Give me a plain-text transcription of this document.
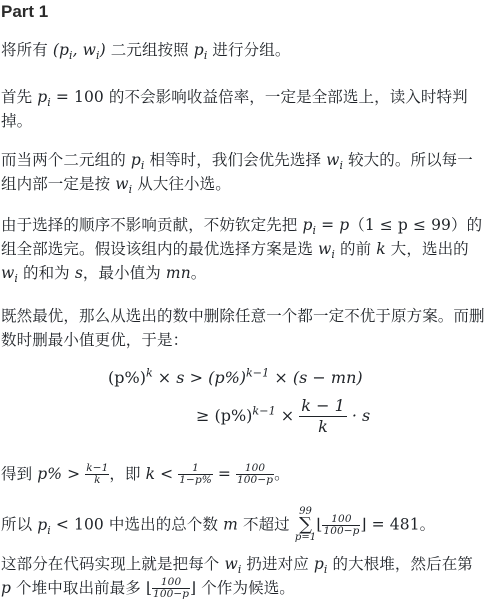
Part 1
将所有 ($p_i$, $w_i$) 二元组按照 $p_i$ 进行分组。
首先 $p_i = 100$ 的不会影响收益倍率，一定是全部选上，读入时特判掉。
而当两个二元组的 $p_i$ 相等时，我们会优先选择 $w_i$ 较大的。所以每一组内部一定是按 $w_i$ 从大往小选。
由于选择的顺序不影响贡献，不妨钦定先把 $p_i = p(1 \le p \le 99)$的组全部选完。假设该组内的最优选择方案是选 $w_i$ 的前 k 大，选出的 $w_i$ 的和为 s，最小值为 mn。
既然最优，那么从选出的数中删除任意一个都一定不优于原方案。而删数时删最小值更优，于是：
$(p\%)^k \times s > (p\%)^{k-1} \times (s - mn)$
≥ $(p\%)^{k-1} \times \frac{k - 1}{k} \cdot s$
得到 $p\% > \frac{k-1}{k}$ ，即 $k < \frac{1}{1-p\%} = \frac{100}{100-p}$ 。
所以 $p_i < 100$ 中选出的总个数 m 不超过
99
∑
p=1
⌊ $\frac{100}{100-p}$ ⌋ = 481。
这部分在代码实现上就是把每个 $w_i$ 扔进对应 $p_i$ 的大根堆，然后在第 p 个堆中取出前最多 ⌊ $\frac{100}{100-p}$ ⌋ 个作为候选。
